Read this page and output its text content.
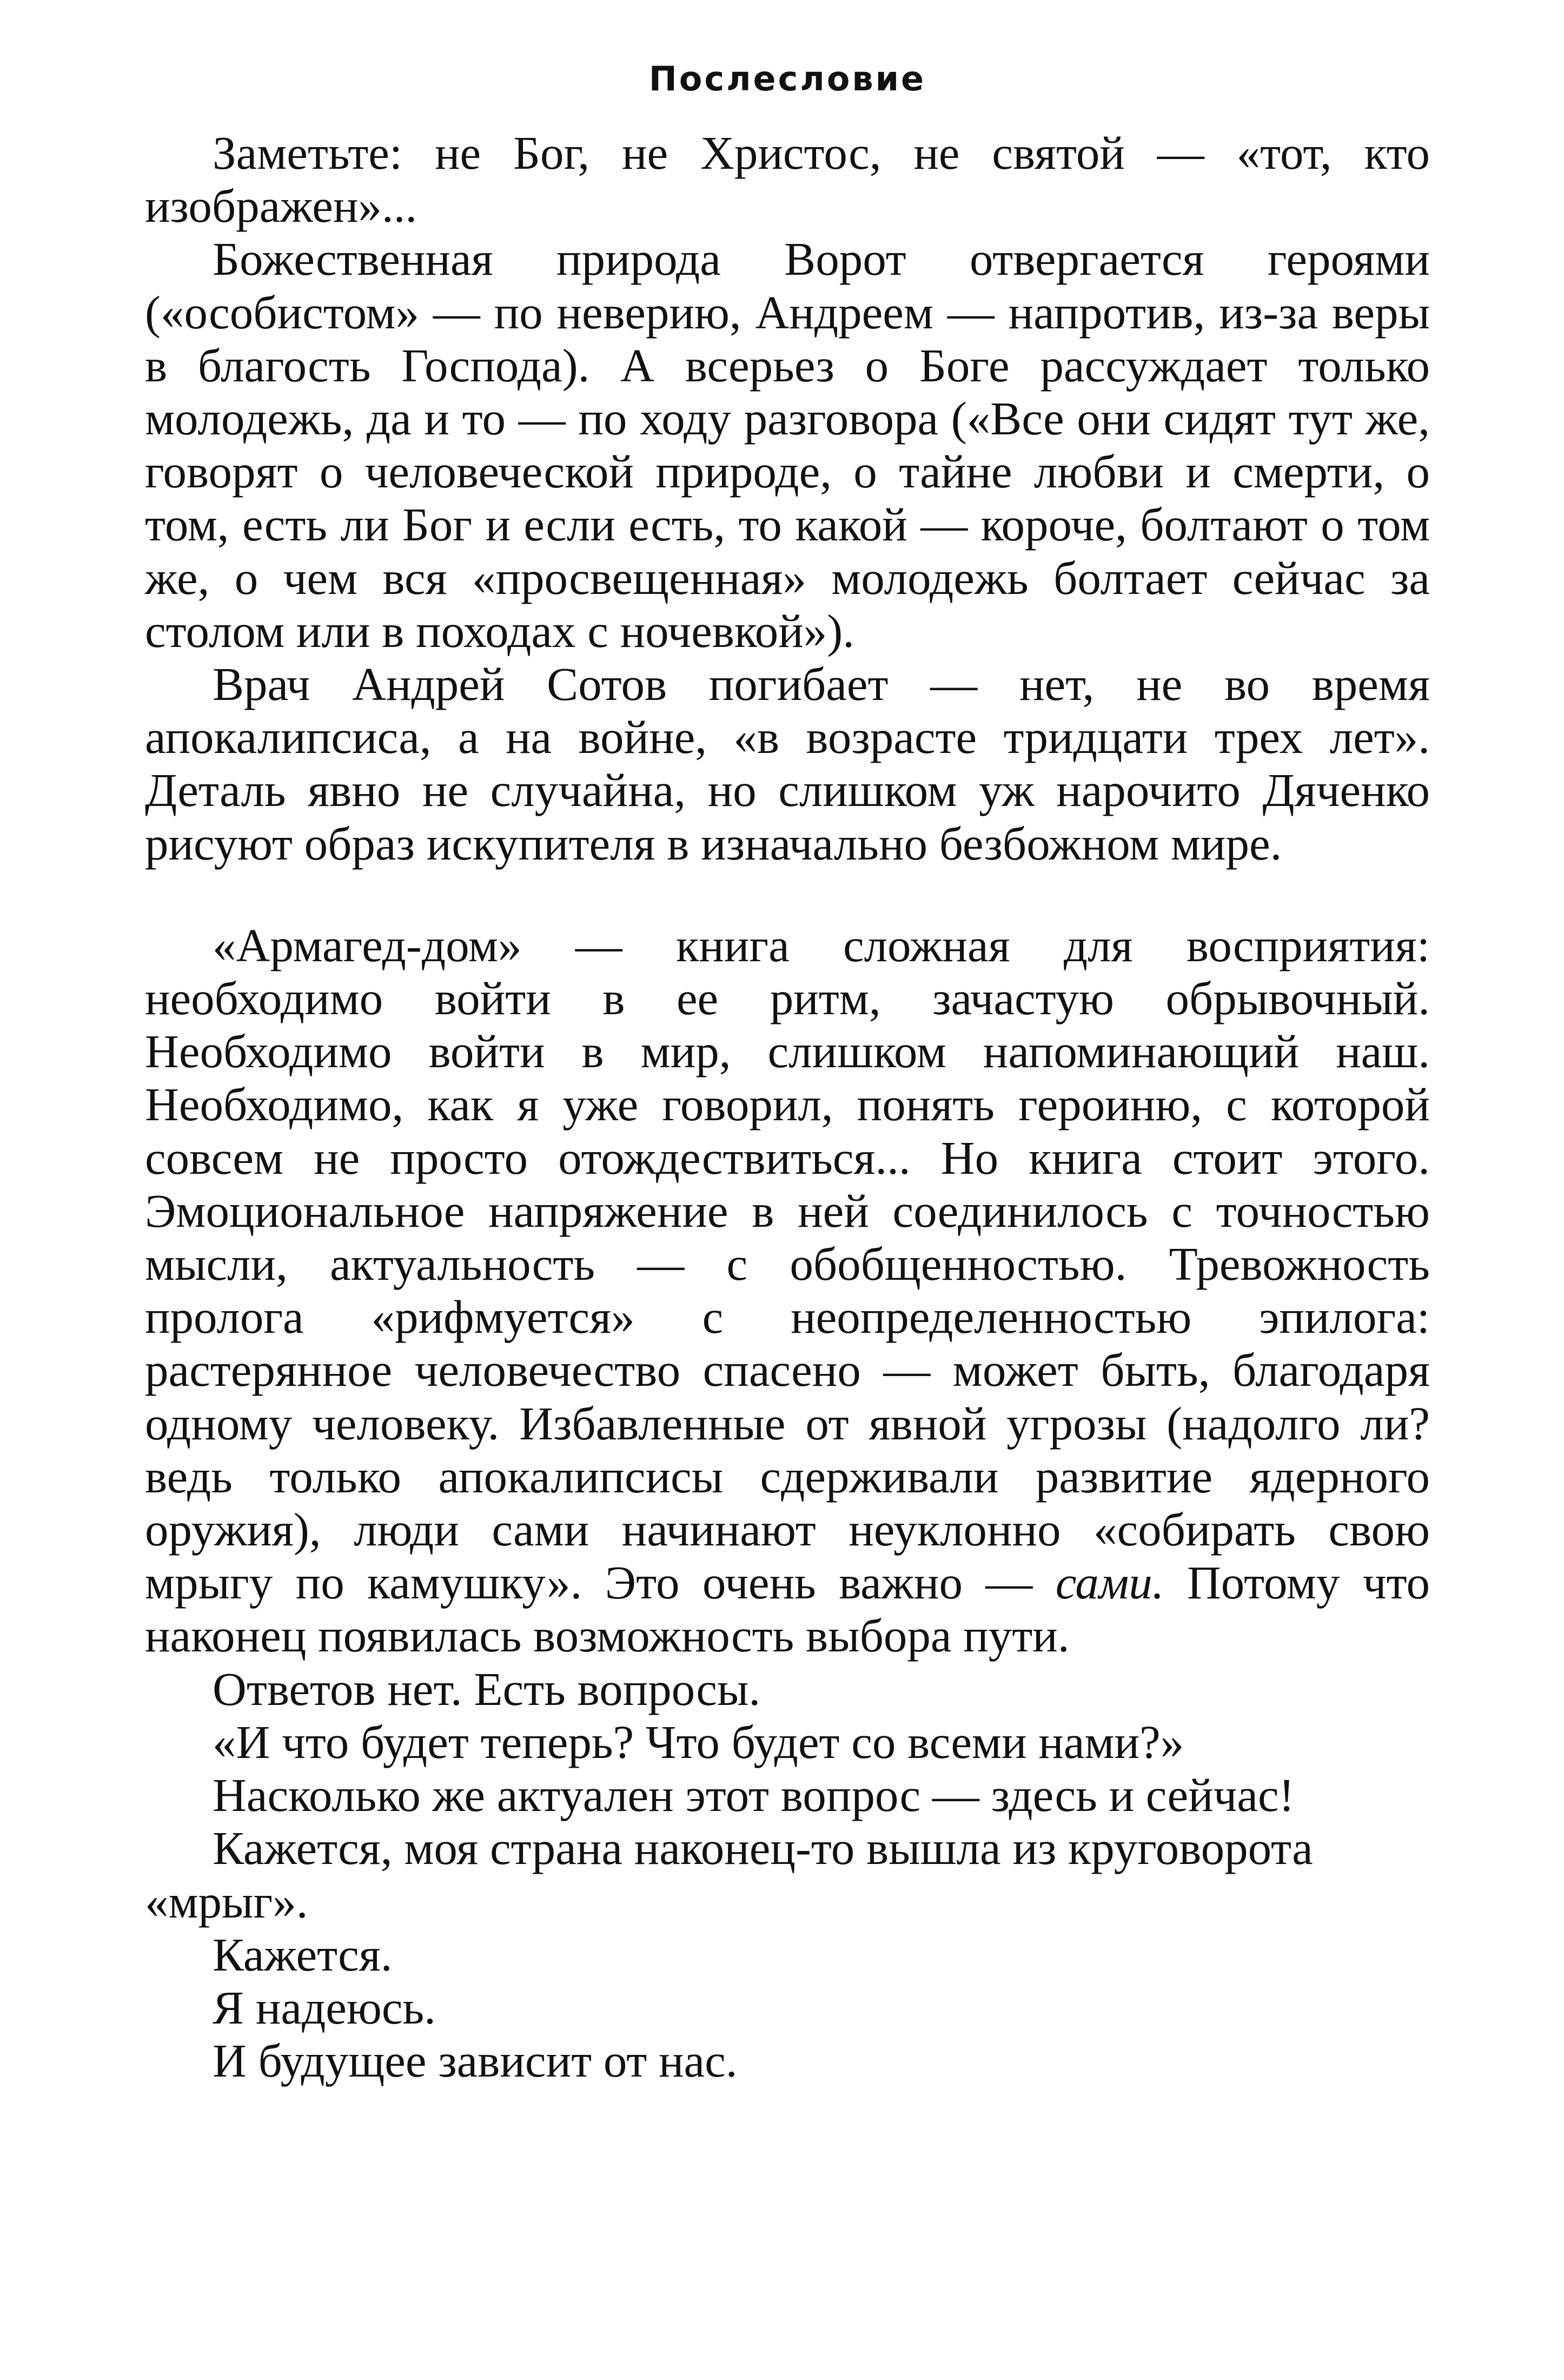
Послесловие

Заметьте: не Бог, не Христос, не святой — «тот, кто изображен»...

Божественная природа Ворот отвергается героями («особистом» — по неверию, Андреем — напротив, из-за веры в благость Господа). А всерьез о Боге рассуждает только молодежь, да и то — по ходу разговора («Все они сидят тут же, говорят о человеческой природе, о тайне любви и смерти, о том, есть ли Бог и если есть, то какой — короче, болтают о том же, о чем вся «просвещенная» молодежь болтает сейчас за столом или в походах с ночевкой»).

Врач Андрей Сотов погибает — нет, не во время апокалипсиса, а на войне, «в возрасте тридцати трех лет». Деталь явно не случайна, но слишком уж нарочито Дяченко рисуют образ искупителя в изначально безбожном мире.

«Армагед-дом» — книга сложная для восприятия: необходимо войти в ее ритм, зачастую обрывочный. Необходимо войти в мир, слишком напоминающий наш. Необходимо, как я уже говорил, понять героиню, с которой совсем не просто отождествиться... Но книга стоит этого. Эмоциональное напряжение в ней соединилось с точностью мысли, актуальность — с обобщенностью. Тревожность пролога «рифмуется» с неопределенностью эпилога: растерянное человечество спасено — может быть, благодаря одному человеку. Избавленные от явной угрозы (надолго ли? ведь только апокалипсисы сдерживали развитие ядерного оружия), люди сами начинают неуклонно «собирать свою мрыгу по камушку». Это очень важно — сами. Потому что наконец появилась возможность выбора пути.

Ответов нет. Есть вопросы.

«И что будет теперь? Что будет со всеми нами?»

Насколько же актуален этот вопрос — здесь и сейчас!

Кажется, моя страна наконец-то вышла из круговорота «мрыг».

Кажется.

Я надеюсь.

И будущее зависит от нас.
